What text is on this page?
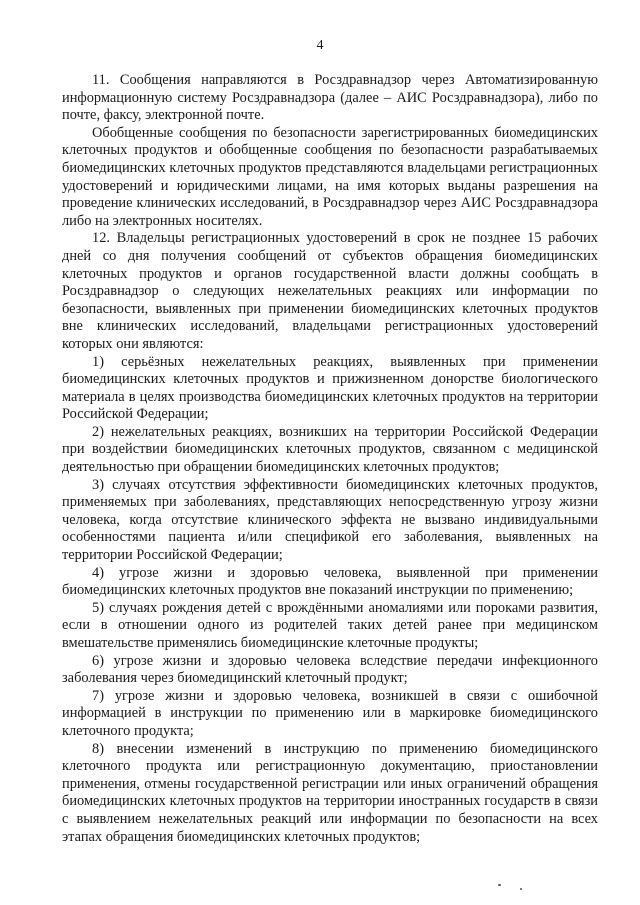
4

11. Сообщения направляются в Росздравнадзор через Автоматизированную информационную систему Росздравнадзора (далее – АИС Росздравнадзора), либо по почте, факсу, электронной почте.

Обобщенные сообщения по безопасности зарегистрированных биомедицинских клеточных продуктов и обобщенные сообщения по безопасности разрабатываемых биомедицинских клеточных продуктов представляются владельцами регистрационных удостоверений и юридическими лицами, на имя которых выданы разрешения на проведение клинических исследований, в Росздравнадзор через АИС Росздравнадзора либо на электронных носителях.

12. Владельцы регистрационных удостоверений в срок не позднее 15 рабочих дней со дня получения сообщений от субъектов обращения биомедицинских клеточных продуктов и органов государственной власти должны сообщать в Росздравнадзор о следующих нежелательных реакциях или информации по безопасности, выявленных при применении биомедицинских клеточных продуктов вне клинических исследований, владельцами регистрационных удостоверений которых они являются:

1) серьёзных нежелательных реакциях, выявленных при применении биомедицинских клеточных продуктов и прижизненном донорстве биологического материала в целях производства биомедицинских клеточных продуктов на территории Российской Федерации;

2) нежелательных реакциях, возникших на территории Российской Федерации при воздействии биомедицинских клеточных продуктов, связанном с медицинской деятельностью при обращении биомедицинских клеточных продуктов;

3) случаях отсутствия эффективности биомедицинских клеточных продуктов, применяемых при заболеваниях, представляющих непосредственную угрозу жизни человека, когда отсутствие клинического эффекта не вызвано индивидуальными особенностями пациента и/или спецификой его заболевания, выявленных на территории Российской Федерации;

4) угрозе жизни и здоровью человека, выявленной при применении биомедицинских клеточных продуктов вне показаний инструкции по применению;

5) случаях рождения детей с врождёнными аномалиями или пороками развития, если в отношении одного из родителей таких детей ранее при медицинском вмешательстве применялись биомедицинские клеточные продукты;

6) угрозе жизни и здоровью человека вследствие передачи инфекционного заболевания через биомедицинский клеточный продукт;

7) угрозе жизни и здоровью человека, возникшей в связи с ошибочной информацией в инструкции по применению или в маркировке биомедицинского клеточного продукта;

8) внесении изменений в инструкцию по применению биомедицинского клеточного продукта или регистрационную документацию, приостановлении применения, отмены государственной регистрации или иных ограничений обращения биомедицинских клеточных продуктов на территории иностранных государств в связи с выявлением нежелательных реакций или информации по безопасности на всех этапах обращения биомедицинских клеточных продуктов;
